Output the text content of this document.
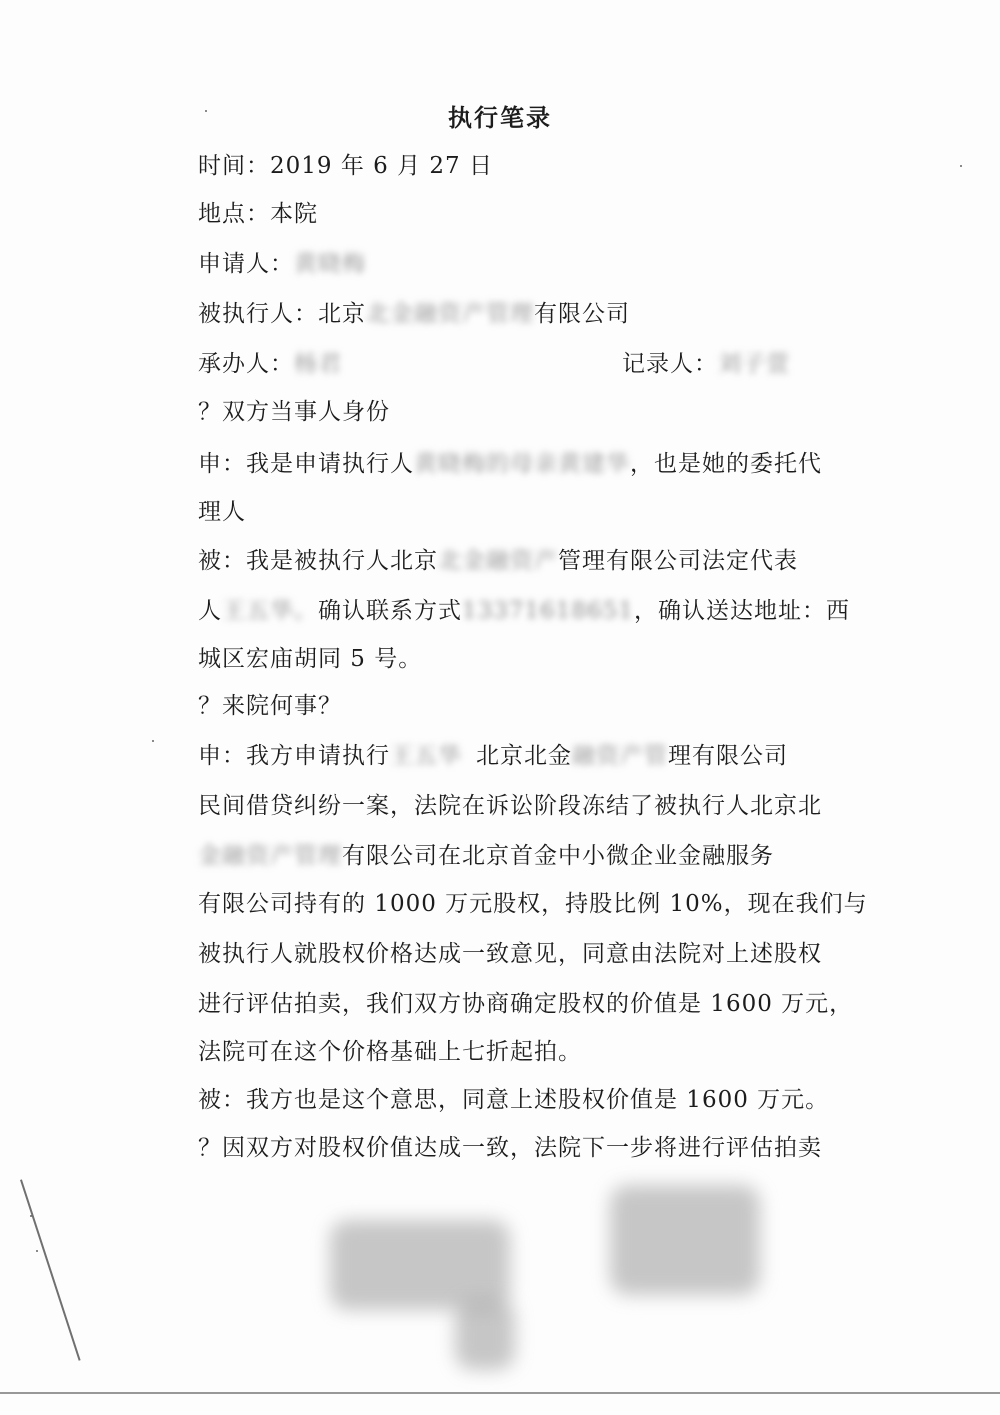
执行笔录
时间：2019 年 6 月 27 日
地点：本院
申请人：黄晓梅
被执行人：北京北金融资产管理有限公司
承办人：杨君	记录人：刘子萱
？双方当事人身份
申：我是申请执行人黄晓梅的母亲黄建华，也是她的委托代
理人
被：我是被执行人北京北金融资产管理有限公司法定代表
人王五华。确认联系方式13371618651，确认送达地址：西
城区宏庙胡同 5 号。
？来院何事？
申：我方申请执行王五华 北京北金融资产管理有限公司
民间借贷纠纷一案，法院在诉讼阶段冻结了被执行人北京北
金融资产管理有限公司在北京首金中小微企业金融服务
有限公司持有的 1000 万元股权，持股比例 10%，现在我们与
被执行人就股权价格达成一致意见，同意由法院对上述股权
进行评估拍卖，我们双方协商确定股权的价值是 1600 万元，
法院可在这个价格基础上七折起拍。
被：我方也是这个意思，同意上述股权价值是 1600 万元。
？因双方对股权价值达成一致，法院下一步将进行评估拍卖
